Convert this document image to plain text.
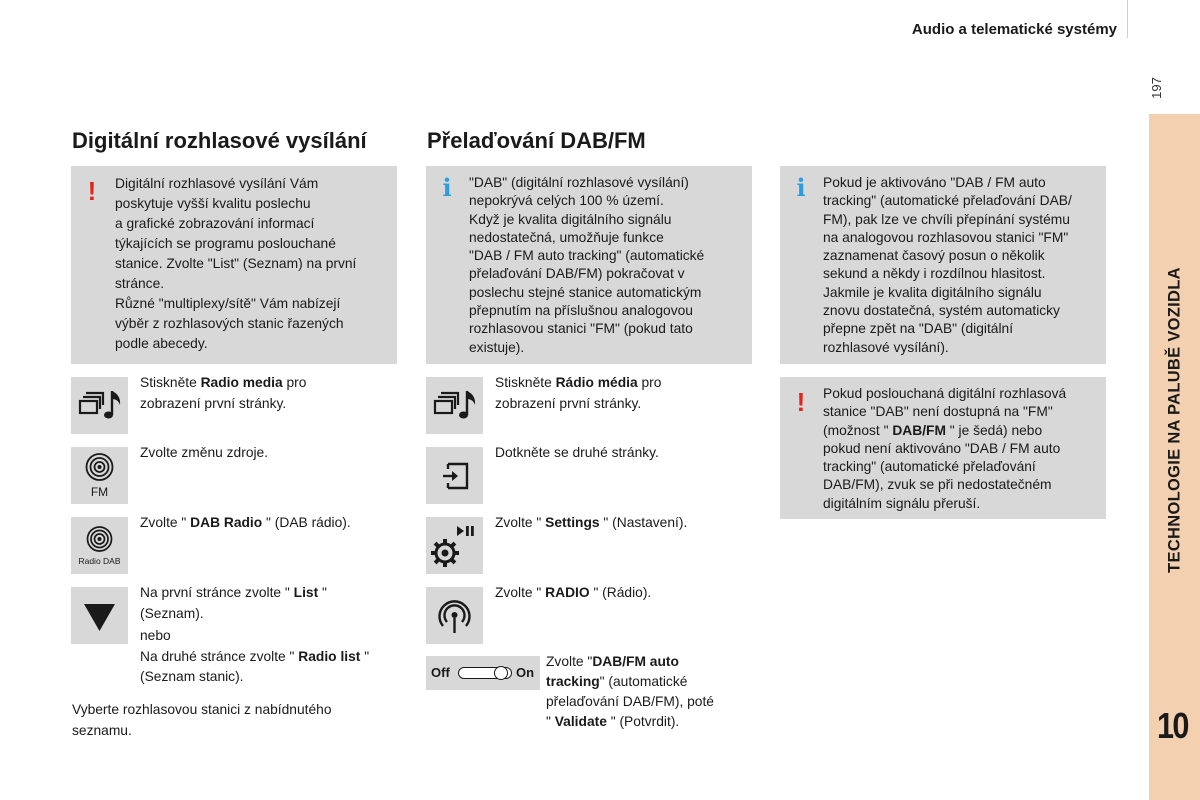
Audio a telematické systémy
197
TECHNOLOGIE NA PALUBĚ VOZIDLA
10
Digitální rozhlasové vysílání
! Digitální rozhlasové vysílání Vám

poskytuje vyšší kvalitu poslechu

a grafické zobrazování informací

týkajících se programu poslouchané

stanice. Zvolte "List" (Seznam) na první

stránce.

Různé "multiplexy/sítě" Vám nabízejí

výběr z rozhlasových stanic řazených

podle abecedy.

Stiskněte Radio media pro
zobrazení první stránky.
FM
Zvolte změnu zdroje.
Radio DAB
Zvolte " DAB Radio " (DAB rádio).
Na první stránce zvolte " List "
(Seznam).
nebo
Na druhé stránce zvolte " Radio list "
(Seznam stanic).
Vyberte rozhlasovou stanici z nabídnutého
seznamu.
Přelaďování DAB/FM
i "DAB" (digitální rozhlasové vysílání)

nepokrývá celých 100 % území.

Když je kvalita digitálního signálu

nedostatečná, umožňuje funkce

"DAB / FM auto tracking" (automatické

přelaďování DAB/FM) pokračovat v

poslechu stejné stanice automatickým

přepnutím na příslušnou analogovou

rozhlasovou stanici "FM" (pokud tato

existuje).

Stiskněte Rádio média pro
zobrazení první stránky.
Dotkněte se druhé stránky.
Zvolte " Settings " (Nastavení).
Zvolte " RADIO " (Rádio).
Off	On
Zvolte "DAB/FM auto
tracking" (automatické
přelaďování DAB/FM), poté
" Validate " (Potvrdit).
i Pokud je aktivováno "DAB / FM auto

tracking" (automatické přelaďování DAB/

FM), pak lze ve chvíli přepínání systému

na analogovou rozhlasovou stanici "FM"

zaznamenat časový posun o několik

sekund a někdy i rozdílnou hlasitost.

Jakmile je kvalita digitálního signálu

znovu dostatečná, systém automaticky

přepne zpět na "DAB" (digitální

rozhlasové vysílání).

! Pokud poslouchaná digitální rozhlasová

stanice "DAB" není dostupná na "FM"

(možnost " DAB/FM " je šedá) nebo

pokud není aktivováno "DAB / FM auto

tracking" (automatické přelaďování

DAB/FM), zvuk se při nedostatečném

digitálním signálu přeruší.
